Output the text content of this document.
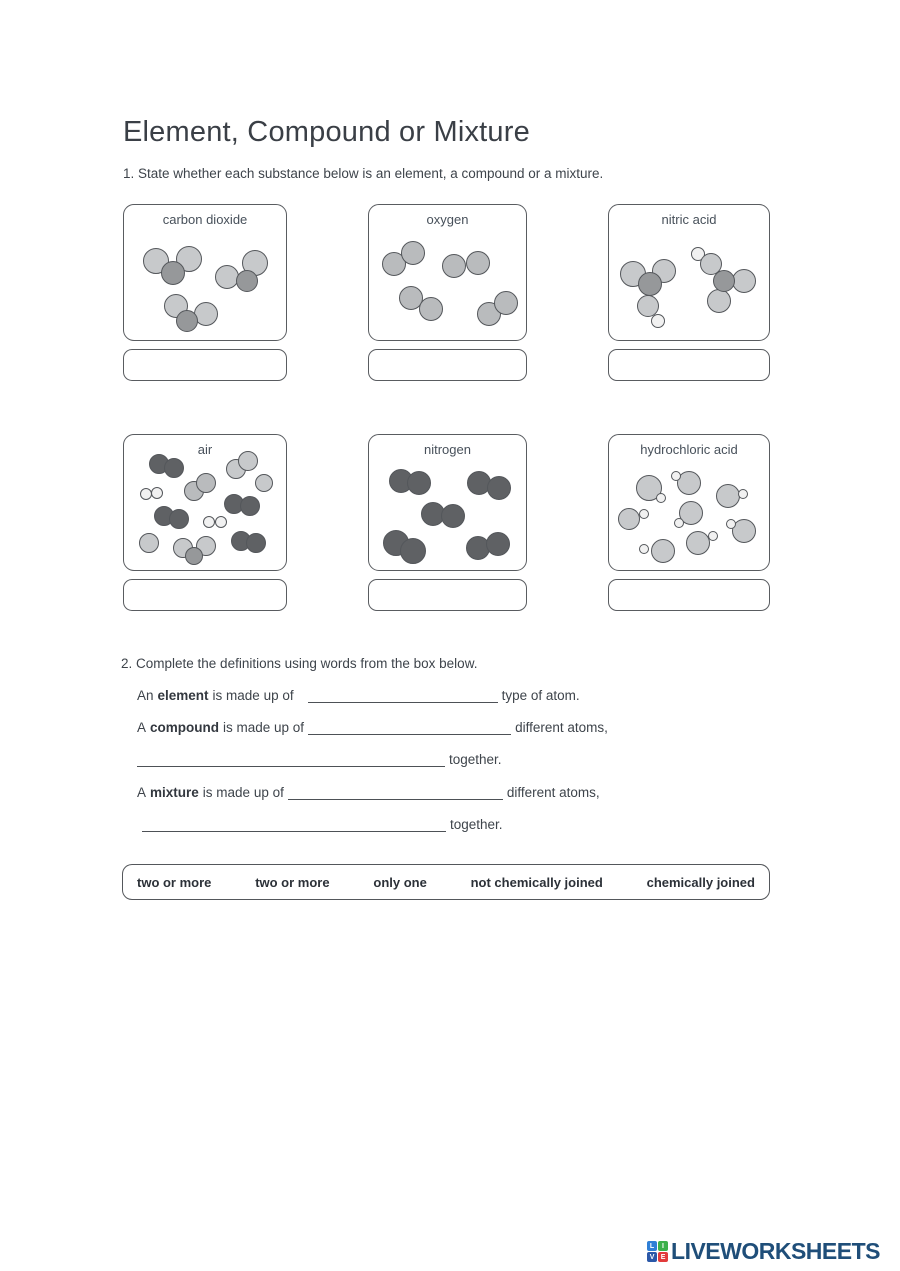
Element, Compound or Mixture
1. State whether each substance below is an element, a compound or a mixture.
carbon dioxide	oxygen	nitric acid
air	nitrogen	hydrochloric acid
2. Complete the definitions using words from the box below.
An element is made up of	type of atom.
A compound is made up of	different atoms,
together.
A mixture is made up of	different atoms,
together.
two or more	two or more	only one	not chemically joined	chemically joined
L	I
V E LIVEWORKSHEETS
